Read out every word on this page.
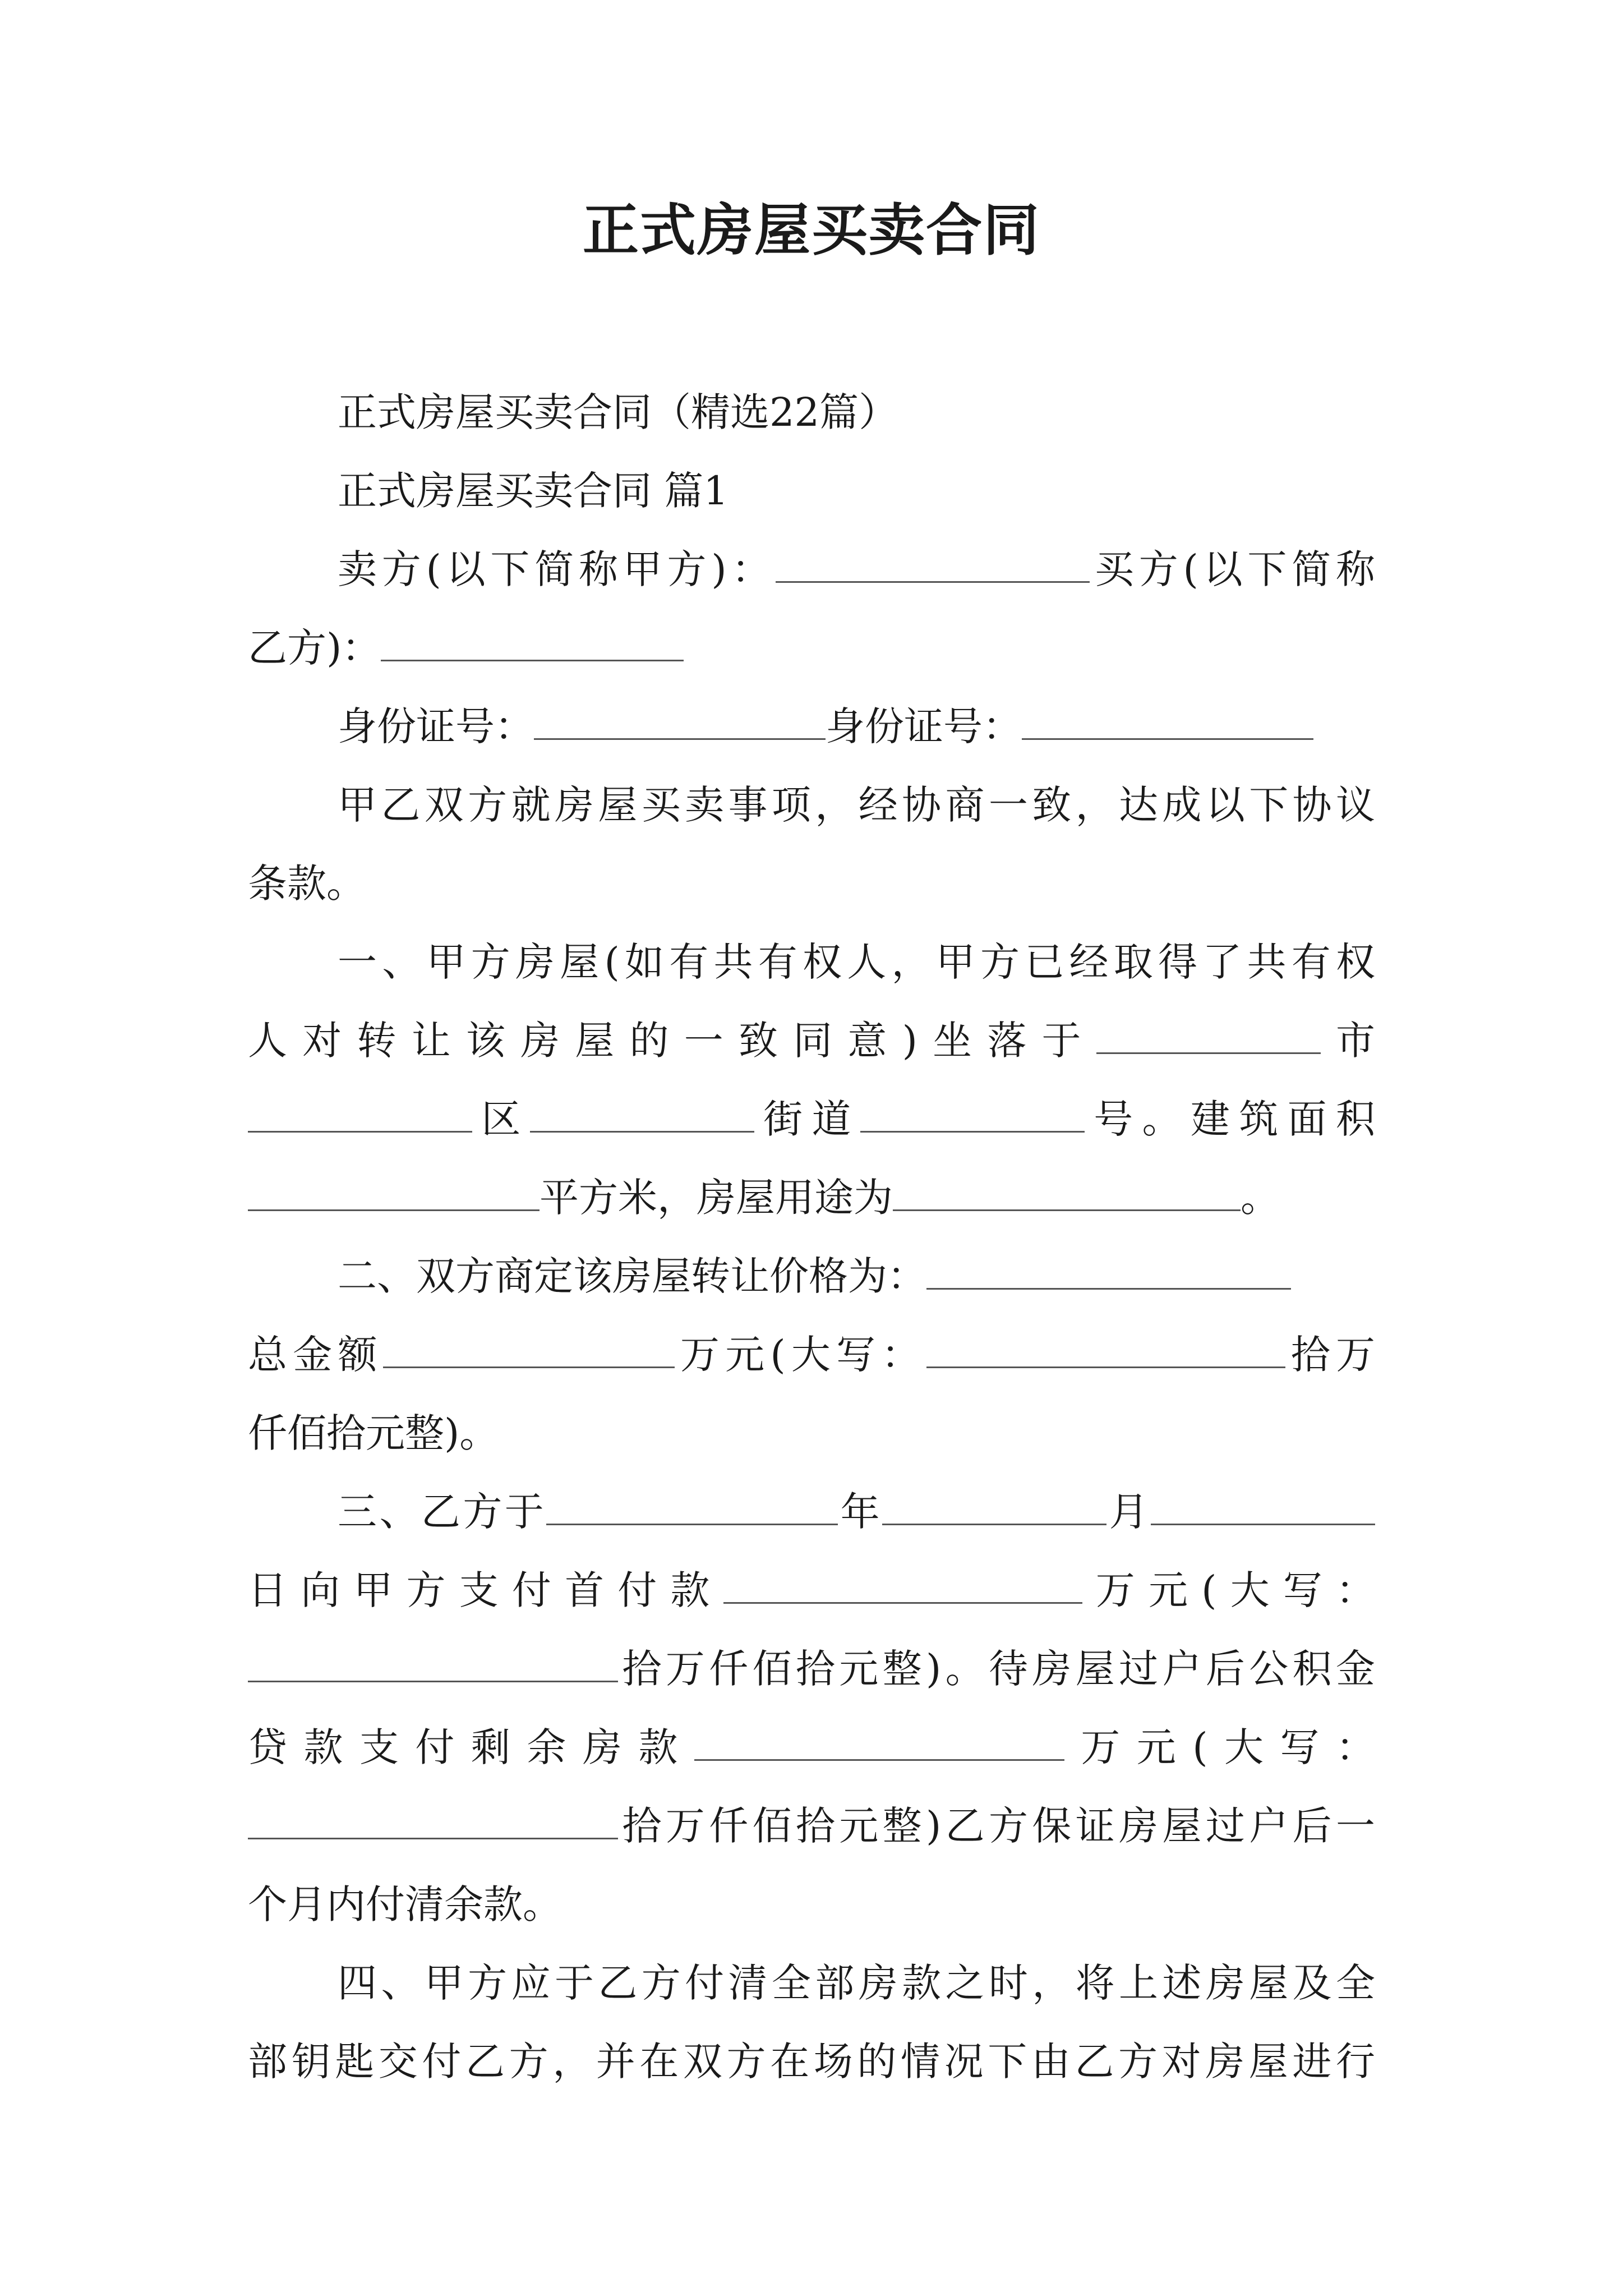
正式房屋买卖合同
正式房屋买卖合同（精选22篇）
正式房屋买卖合同 篇1
卖方(以下简称甲方)：	买方(以下简称
乙方)：
身份证号：	身份证号：
甲乙双方就房屋买卖事项，经协商一致，达成以下协议
条款。
一、甲方房屋(如有共有权人，甲方已经取得了共有权
人对转让该房屋的一致同意)坐落于	市
区	街道	号。建筑面积
平方米，房屋用途为	。
二、双方商定该房屋转让价格为：
总金额	万元(大写：	拾万
仟佰拾元整)。
三、乙方于	年	月
日向甲方支付首付款	万元(大写：
拾万仟佰拾元整)。待房屋过户后公积金
贷款支付剩余房款	万元(大写：
拾万仟佰拾元整)乙方保证房屋过户后一
个月内付清余款。
四、甲方应于乙方付清全部房款之时，将上述房屋及全
部钥匙交付乙方，并在双方在场的情况下由乙方对房屋进行
